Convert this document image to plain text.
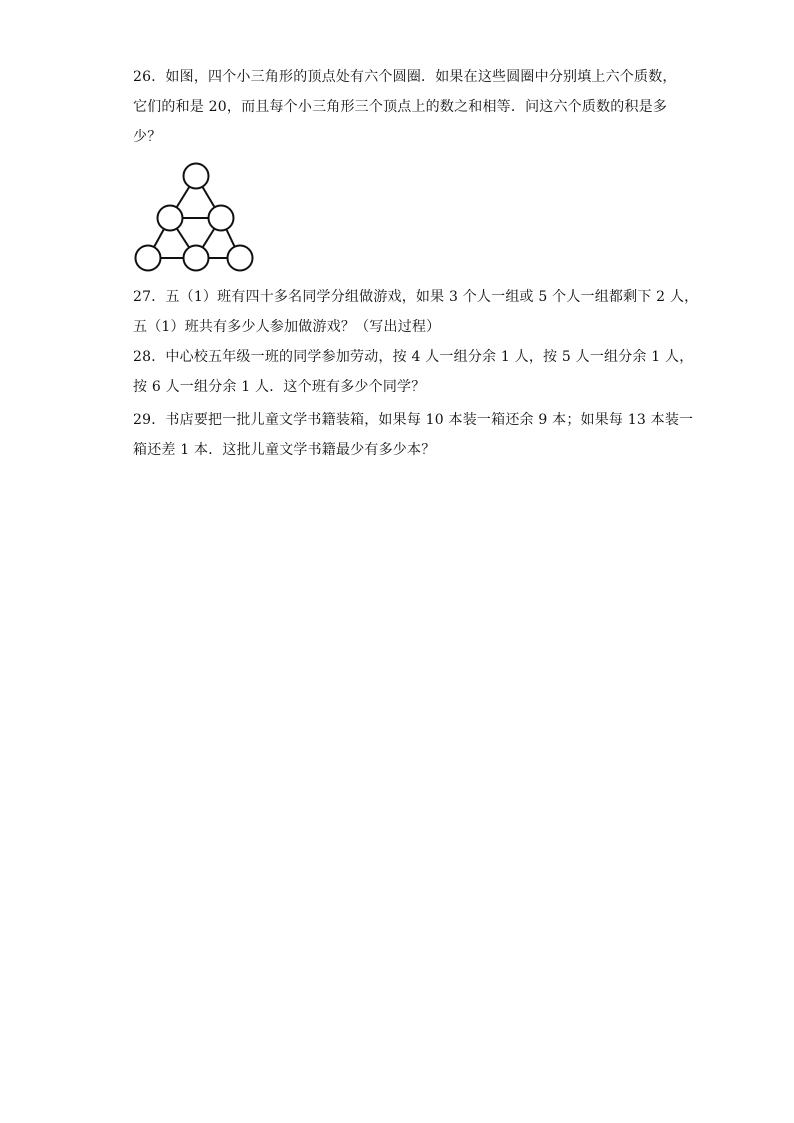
26．如图，四个小三角形的顶点处有六个圆圈．如果在这些圆圈中分别填上六个质数，
它们的和是 20，而且每个小三角形三个顶点上的数之和相等．问这六个质数的积是多
少？
27．五（1）班有四十多名同学分组做游戏，如果 3 个人一组或 5 个人一组都剩下 2 人，
五（1）班共有多少人参加做游戏？（写出过程）
28．中心校五年级一班的同学参加劳动，按 4 人一组分余 1 人，按 5 人一组分余 1 人，
按 6 人一组分余 1 人．这个班有多少个同学？
29．书店要把一批儿童文学书籍装箱，如果每 10 本装一箱还余 9 本；如果每 13 本装一
箱还差 1 本．这批儿童文学书籍最少有多少本？
